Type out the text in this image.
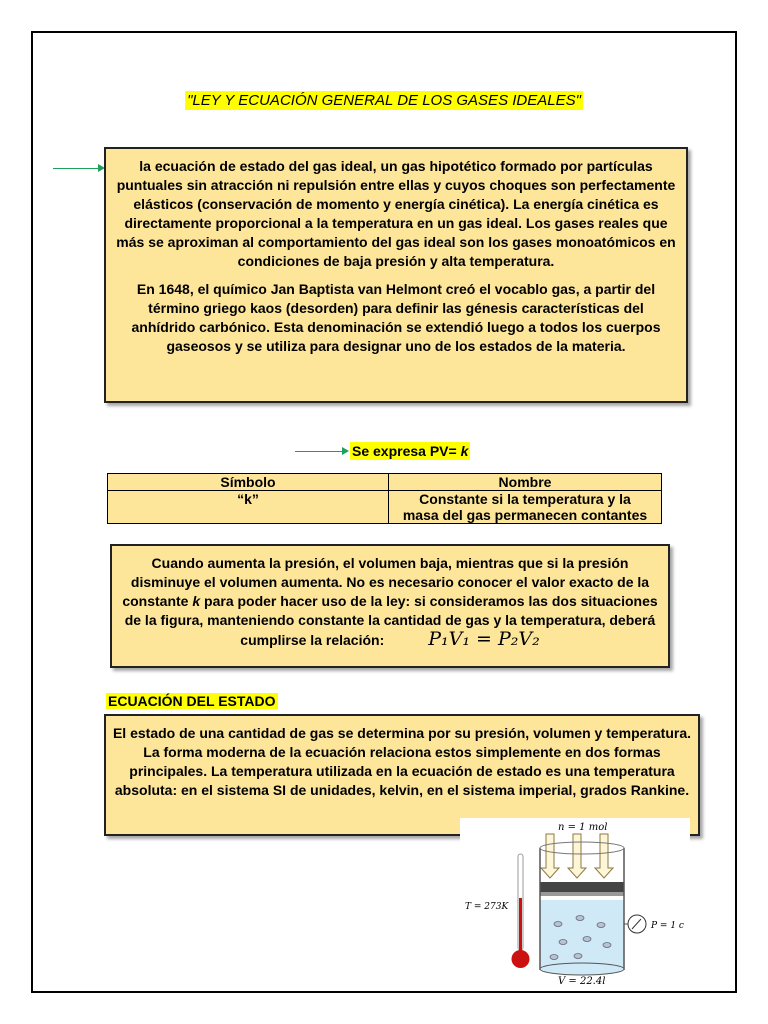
"LEY Y ECUACIÓN GENERAL DE LOS GASES IDEALES"

la ecuación de estado del gas ideal, un gas hipotético formado por partículas puntuales sin atracción ni repulsión entre ellas y cuyos choques son perfectamente elásticos (conservación de momento y energía cinética). La energía cinética es directamente proporcional a la temperatura en un gas ideal. Los gases reales que más se aproximan al comportamiento del gas ideal son los gases monoatómicos en condiciones de baja presión y alta temperatura.

En 1648, el químico Jan Baptista van Helmont creó el vocablo gas, a partir del término griego kaos (desorden) para definir las génesis características del anhídrido carbónico. Esta denominación se extendió luego a todos los cuerpos gaseosos y se utiliza para designar uno de los estados de la materia.

Se expresa PV= k
Símbolo	Nombre
“k”	Constante si la temperatura y la
masa del gas permanecen contantes

Cuando aumenta la presión, el volumen baja, mientras que si la presión disminuye el volumen aumenta. No es necesario conocer el valor exacto de la constante k para poder hacer uso de la ley: si consideramos las dos situaciones de la figura, manteniendo constante la cantidad de gas y la temperatura, deberá cumplirse la relación: P₁V₁ = P₂V₂

ECUACIÓN DEL ESTADO

El estado de una cantidad de gas se determina por su presión, volumen y temperatura. La forma moderna de la ecuación relaciona estos simplemente en dos formas principales. La temperatura utilizada en la ecuación de estado es una temperatura absoluta: en el sistema SI de unidades, kelvin, en el sistema imperial, grados Rankine.

n = 1 mol
T = 273K
P = 1 c
V = 22.4l
